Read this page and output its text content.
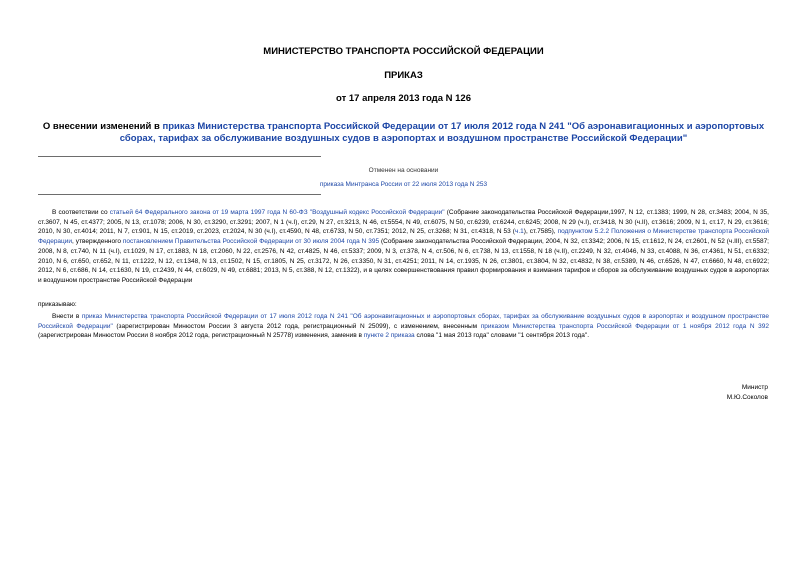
МИНИСТЕРСТВО ТРАНСПОРТА РОССИЙСКОЙ ФЕДЕРАЦИИ
ПРИКАЗ
от 17 апреля 2013 года N 126
О внесении изменений в приказ Министерства транспорта Российской Федерации от 17 июля 2012 года N 241 "Об аэронавигационных и аэропортовых сборах, тарифах за обслуживание воздушных судов в аэропортах и воздушном пространстве Российской Федерации"
Отменен на основании
приказа Минтранса России от 22 июля 2013 года N 253
В соответствии со статьей 64 Федерального закона от 19 марта 1997 года N 60-ФЗ "Воздушный кодекс Российской Федерации" (Собрание законодательства Российской Федерации,1997, N 12, ст.1383; 1999, N 28, ст.3483; 2004, N 35, ст.3607, N 45, ст.4377; 2005, N 13, ст.1078; 2006, N 30, ст.3290, ст.3291; 2007, N 1 (ч.I), ст.29, N 27, ст.3213, N 46, ст.5554, N 49, ст.6075, N 50, ст.6239, ст.6244, ст.6245; 2008, N 29 (ч.I), ст.3418, N 30 (ч.II), ст.3616; 2009, N 1, ст.17, N 29, ст.3616; 2010, N 30, ст.4014; 2011, N 7, ст.901, N 15, ст.2019, ст.2023, ст.2024, N 30 (ч.I), ст.4590, N 48, ст.6733, N 50, ст.7351; 2012, N 25, ст.3268; N 31, ст.4318, N 53 (ч.1), ст.7585), подпунктом 5.2.2 Положения о Министерстве транспорта Российской Федерации, утвержденного постановлением Правительства Российской Федерации от 30 июля 2004 года N 395 (Собрание законодательства Российской Федерации, 2004, N 32, ст.3342; 2006, N 15, ст.1612, N 24, ст.2601, N 52 (ч.III), ст.5587; 2008, N 8, ст.740, N 11 (ч.I), ст.1029, N 17, ст.1883, N 18, ст.2060, N 22, ст.2576, N 42, ст.4825, N 46, ст.5337; 2009, N 3, ст.378, N 4, ст.506, N 6, ст.738, N 13, ст.1558, N 18 (ч.II), ст.2249, N 32, ст.4046, N 33, ст.4088, N 36, ст.4361, N 51, ст.6332; 2010, N 6, ст.650, ст.652, N 11, ст.1222, N 12, ст.1348, N 13, ст.1502, N 15, ст.1805, N 25, ст.3172, N 26, ст.3350, N 31, ст.4251; 2011, N 14, ст.1935, N 26, ст.3801, ст.3804, N 32, ст.4832, N 38, ст.5389, N 46, ст.6526, N 47, ст.6660, N 48, ст.6922; 2012, N 6, ст.686, N 14, ст.1630, N 19, ст.2439, N 44, ст.6029, N 49, ст.6881; 2013, N 5, ст.388, N 12, ст.1322), и в целях совершенствования правил формирования и взимания тарифов и сборов за обслуживание воздушных судов в аэропортах и воздушном пространстве Российской Федерации
приказываю:
Внести в приказ Министерства транспорта Российской Федерации от 17 июля 2012 года N 241 "Об аэронавигационных и аэропортовых сборах, тарифах за обслуживание воздушных судов в аэропортах и воздушном пространстве Российской Федерации" (зарегистрирован Минюстом России 3 августа 2012 года, регистрационный N 25099), с изменением, внесенным приказом Министерства транспорта Российской Федерации от 1 ноября 2012 года N 392 (зарегистрирован Минюстом России 8 ноября 2012 года, регистрационный N 25778) изменения, заменив в пункте 2 приказа слова "1 мая 2013 года" словами "1 сентября 2013 года".
Министр
М.Ю.Соколов
